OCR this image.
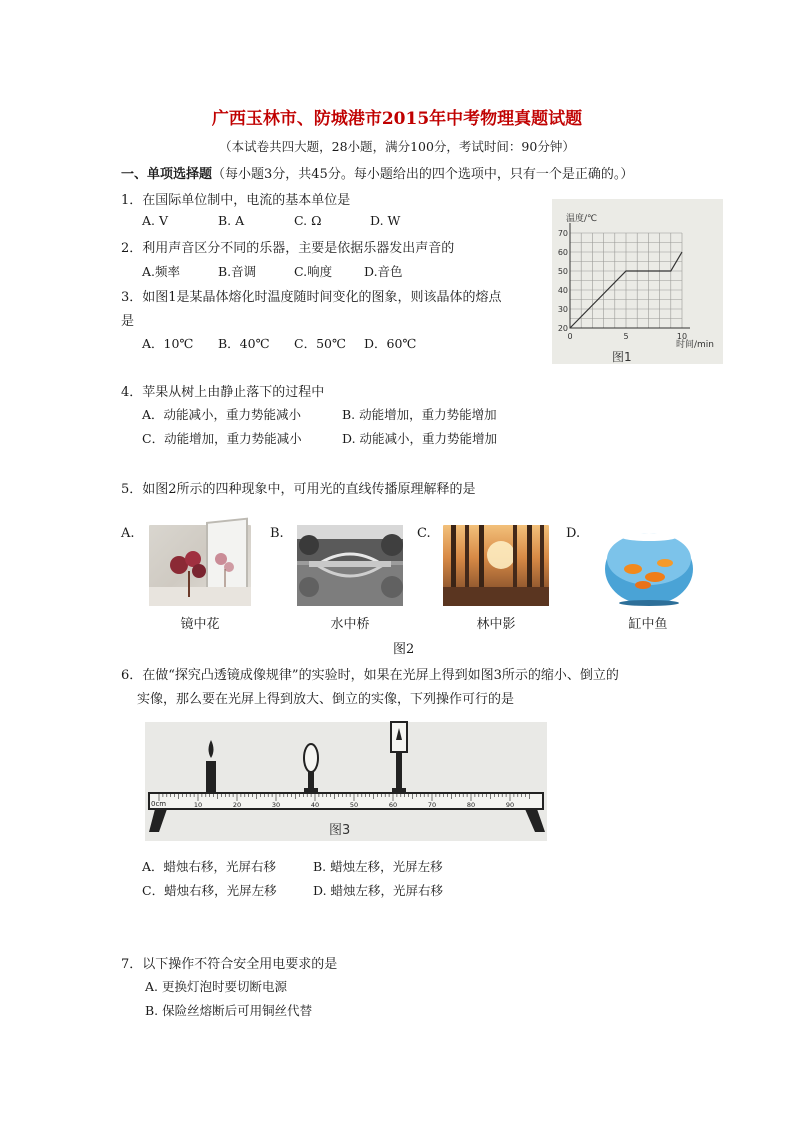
广西玉林市、防城港市2015年中考物理真题试题
（本试卷共四大题，28小题，满分100分，考试时间：90分钟）
一、单项选择题（每小题3分，共45分。每小题给出的四个选项中，只有一个是正确的。）
1．在国际单位制中，电流的基本单位是
A. V	B. A	C. Ω	D. W
2．利用声音区分不同的乐器，主要是依据乐器发出声音的
A.频率	B.音调	C.响度	D.音色
3．如图1是某晶体熔化时温度随时间变化的图象，则该晶体的熔点
是
A．10℃ B．40℃ C．50℃ D．60℃
温度/℃
时间/min
20
30
40
50
60
70
0	5	10
图1
4．苹果从树上由静止落下的过程中
A．动能减小，重力势能减小	B. 动能增加，重力势能增加
C．动能增加，重力势能减小	D. 动能减小，重力势能增加
5．如图2所示的四种现象中，可用光的直线传播原理解释的是
A.	B.	C.	D.
镜中花	水中桥	林中影	缸中鱼
图2
6．在做“探究凸透镜成像规律”的实验时，如果在光屏上得到如图3所示的缩小、倒立的
实像，那么要在光屏上得到放大、倒立的实像，下列操作可行的是
10	20	30	40	50	60	70	80	90
0cm
图3
A．蜡烛右移，光屏右移	B. 蜡烛左移，光屏左移
C．蜡烛右移，光屏左移	D. 蜡烛左移，光屏右移
7．以下操作不符合安全用电要求的是
A. 更换灯泡时要切断电源
B. 保险丝熔断后可用铜丝代替
